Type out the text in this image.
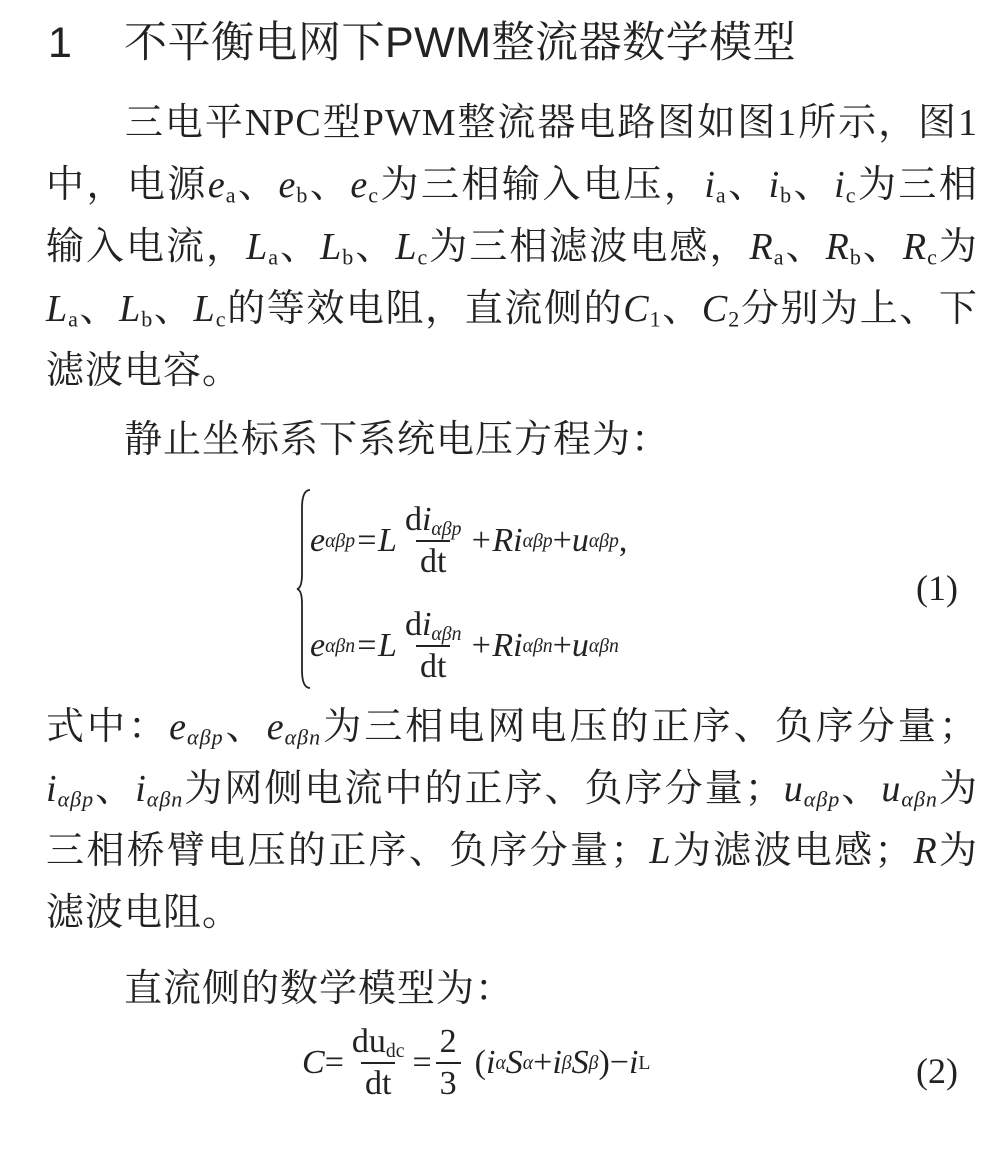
1 不平衡电网下PWM整流器数学模型

三电平NPC型PWM整流器电路图如图1所示，图1中，电源$e_a$、$e_b$、$e_c$为三相输入电压，$i_a$、$i_b$、$i_c$为三相输入电流，$L_a$、$L_b$、$L_c$为三相滤波电感，$R_a$、$R_b$、$R_c$为$L_a$、$L_b$、$L_c$的等效电阻，直流侧的$C_1$、$C_2$分别为上、下滤波电容。

静止坐标系下系统电压方程为：

e $\alpha\beta p =L \frac{di_{\alpha\beta p}}{dt} +R$ i αβp + u αβp ,
e $\alpha\beta n =L \frac{di_{\alpha\beta n}}{dt} +R$ i αβn + u αβn
(1)

式中：$e_{\alpha\beta p}$、$e_{\alpha\beta n}$为三相电网电压的正序、负序分量；$i_{\alpha\beta p}$、$i_{\alpha\beta n}$为网侧电流中的正序、负序分量；$u_{\alpha\beta p}$、$u_{\alpha\beta n}$为三相桥臂电压的正序、负序分量；L为滤波电感；R为滤波电阻。

直流侧的数学模型为：

$C = \frac{du_{dc}}{dt} = \frac{2}{3}$ ( i α S α + i β S β ) − i L	(2)
